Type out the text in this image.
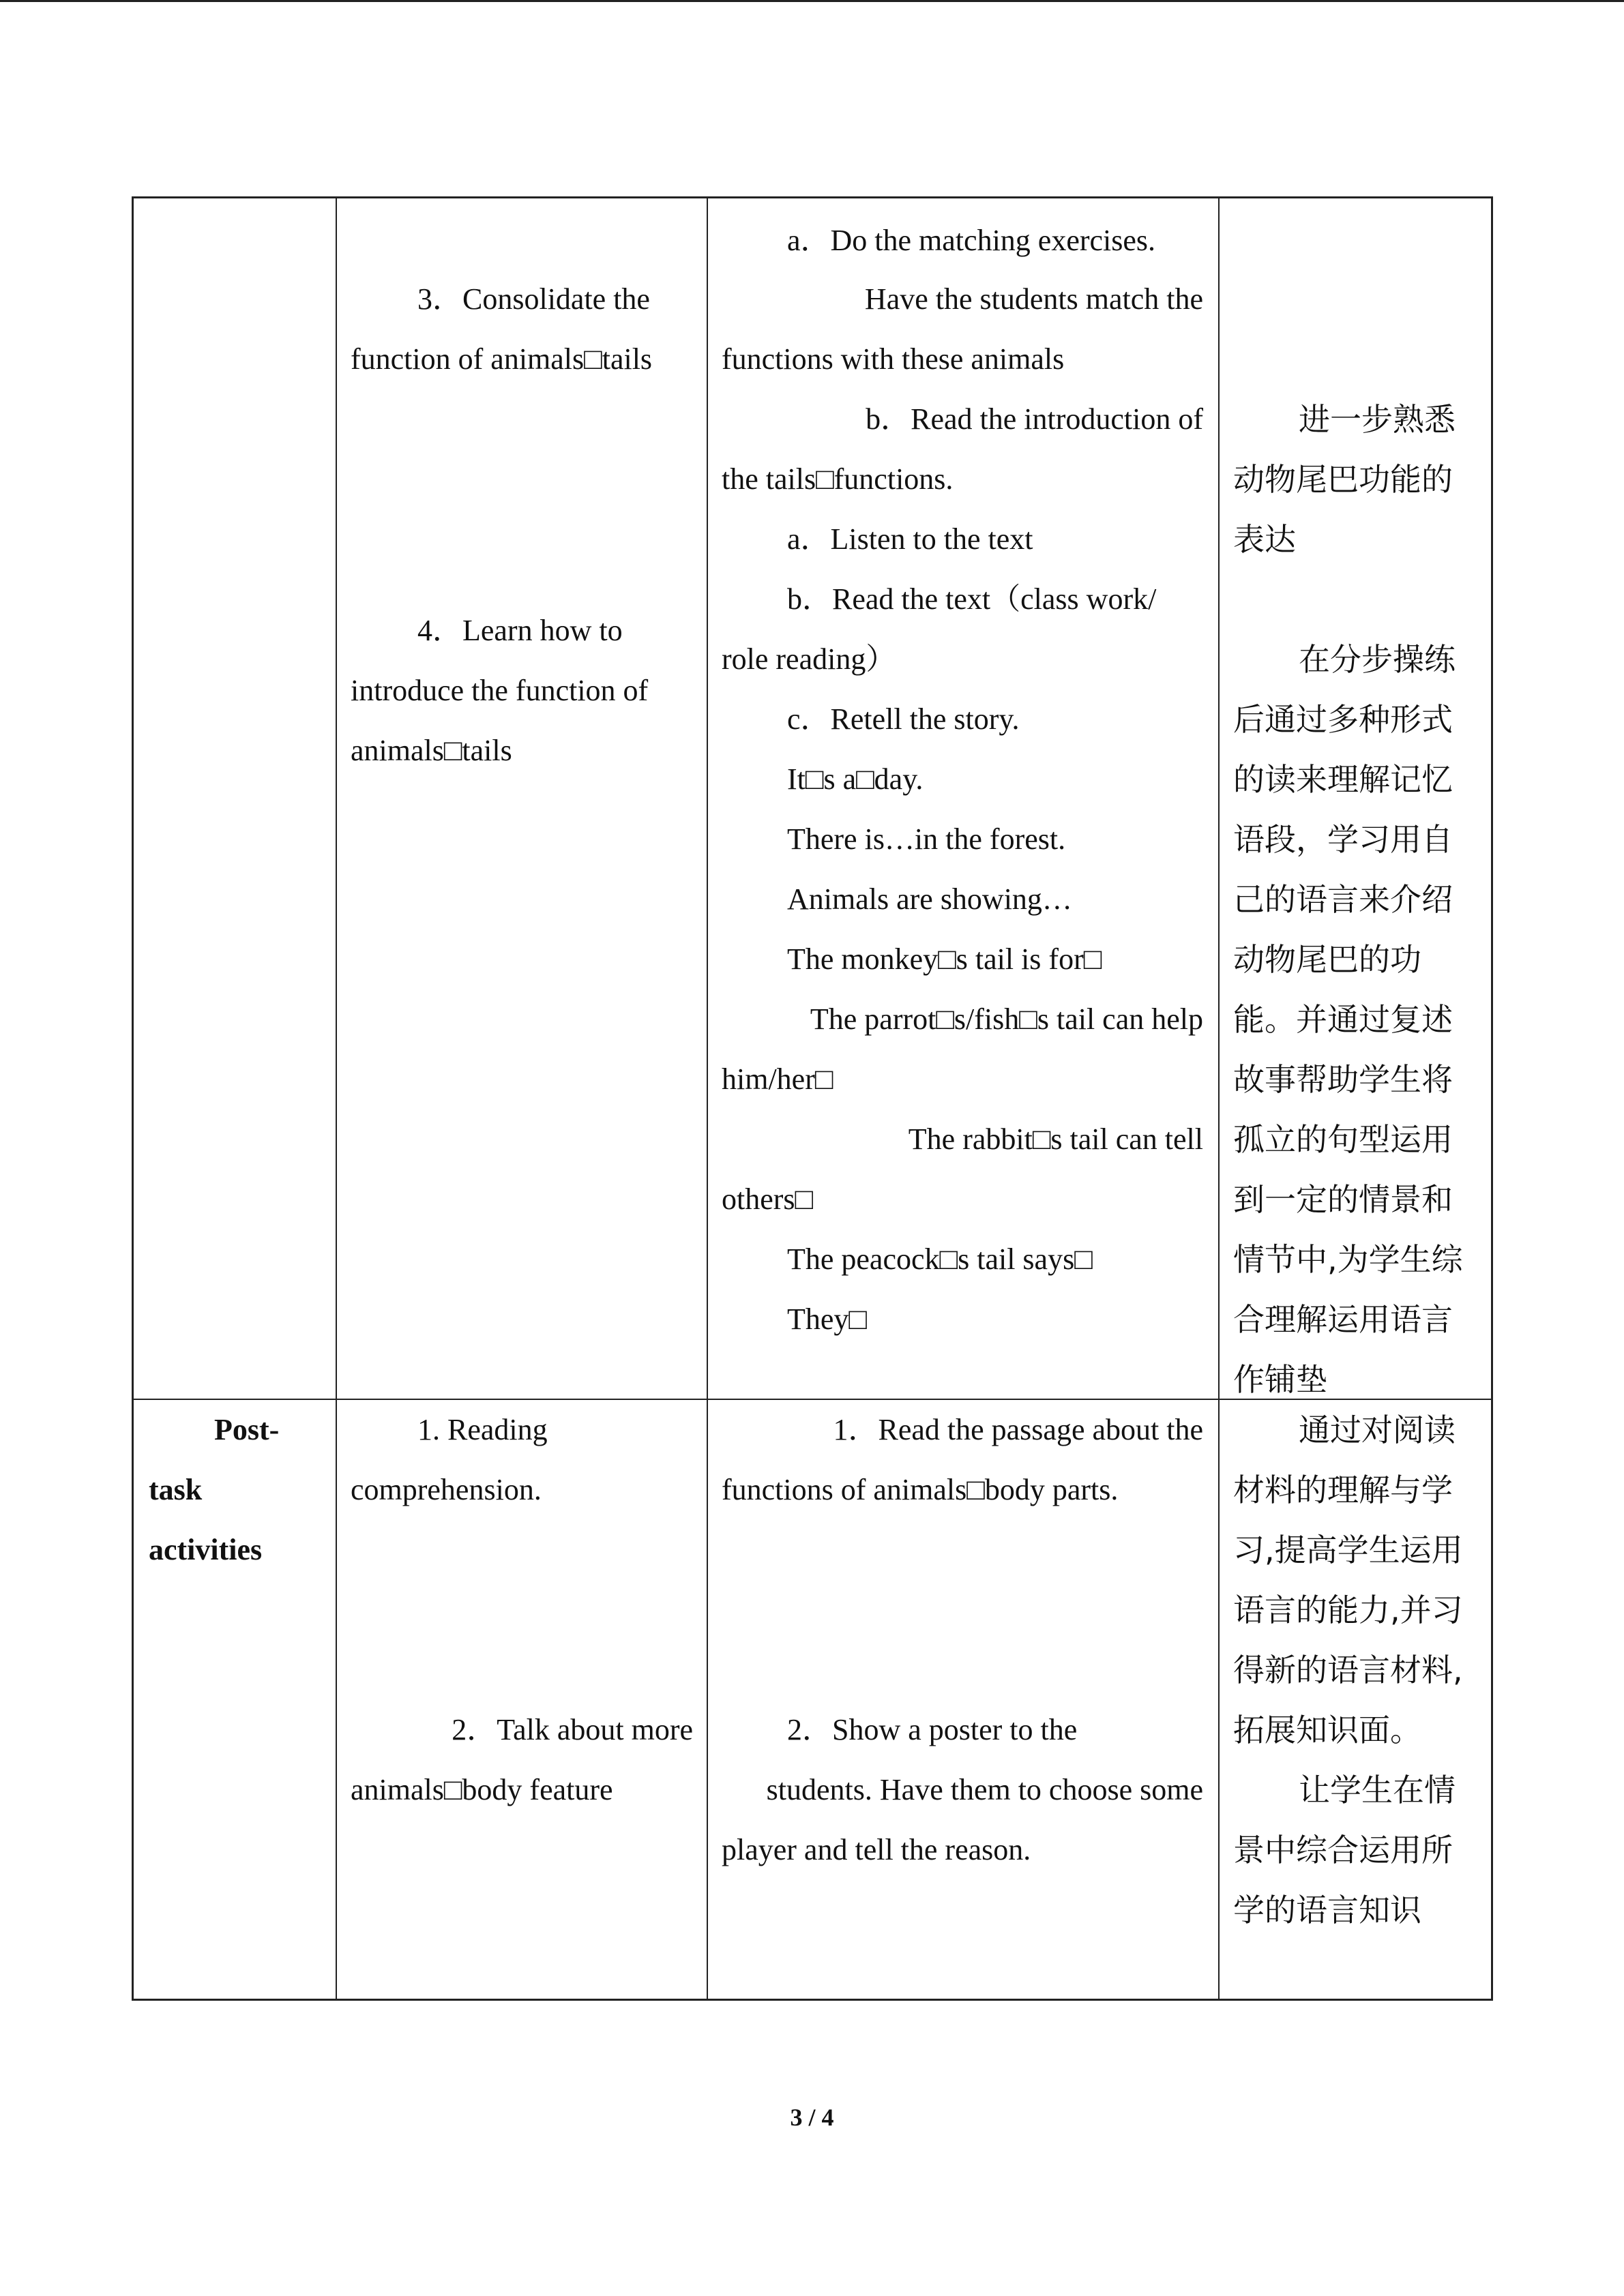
3．Consolidate the
function of animals□tails
4．Learn how to
introduce the function of
animals□tails
a．Do the matching exercises.
Have the students match the
functions with these animals
b．Read the introduction of
the tails□functions.
a．Listen to the text
b．Read the text（class work/
role reading）
c．Retell the story.
It□s a□day.
There is…in the forest.
Animals are showing…
The monkey□s tail is for□
The parrot□s/fish□s tail can help
him/her□
The rabbit□s tail can tell
others□
The peacock□s tail says□
They□
进一步熟悉
动物尾巴功能的
表达
在分步操练
后通过多种形式
的读来理解记忆
语段，学习用自
己的语言来介绍
动物尾巴的功
能。并通过复述
故事帮助学生将
孤立的句型运用
到一定的情景和
情节中,为学生综
合理解运用语言
作铺垫
Post-
task
activities
1. Reading
comprehension.
2．Talk about more
animals□body feature
1．Read the passage about the
functions of animals□body parts.
2．Show a poster to the
students. Have them to choose some
player and tell the reason.
通过对阅读
材料的理解与学
习,提高学生运用
语言的能力,并习
得新的语言材料,
拓展知识面。
让学生在情
景中综合运用所
学的语言知识
3 / 4
